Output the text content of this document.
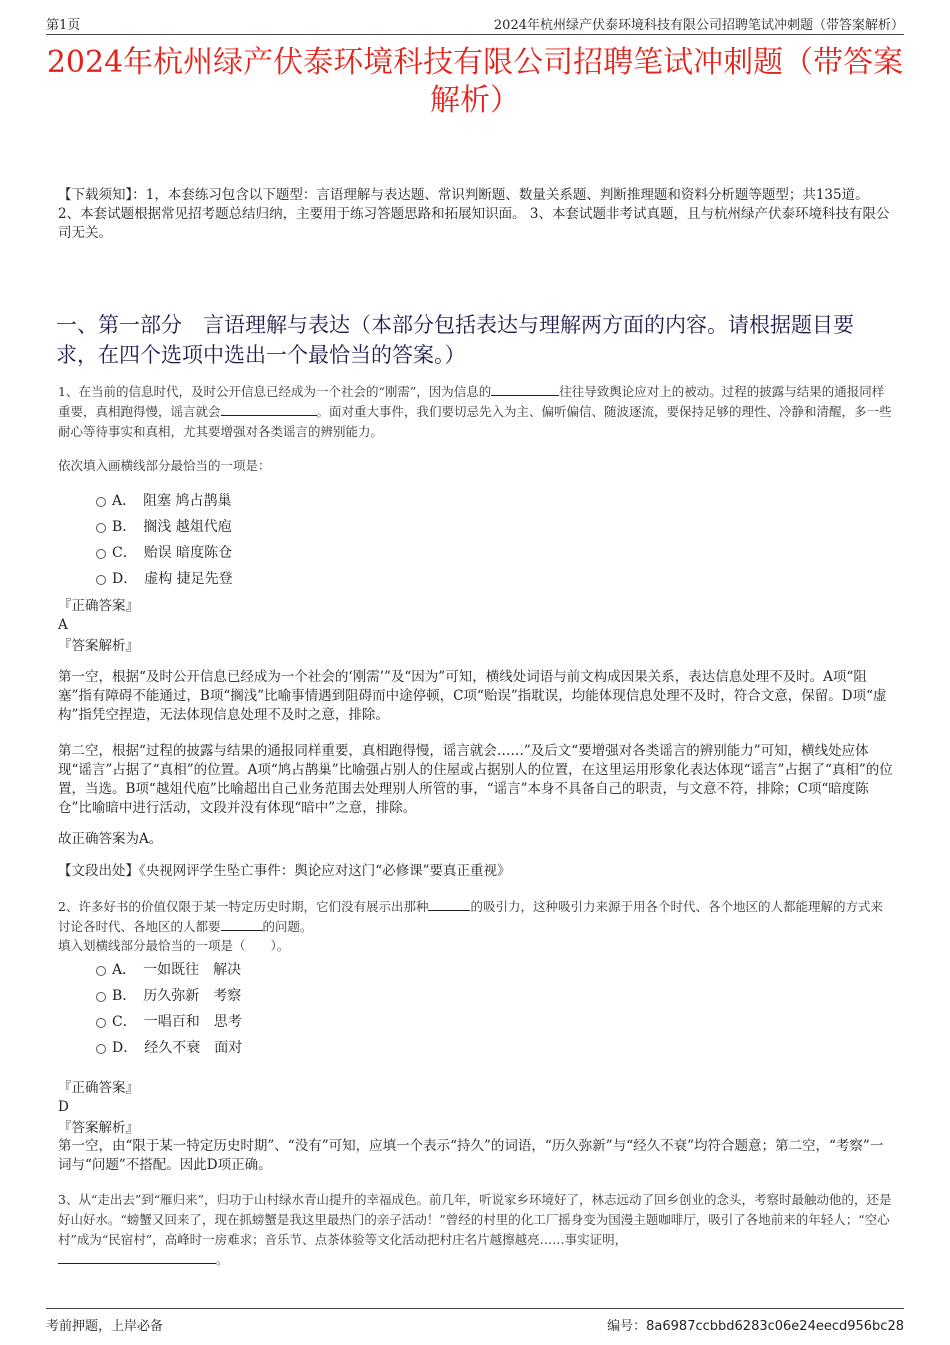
第1页	2024年杭州绿产伏泰环境科技有限公司招聘笔试冲刺题（带答案解析）
2024年杭州绿产伏泰环境科技有限公司招聘笔试冲刺题（带答案解析）
【下载须知】：1，本套练习包含以下题型：言语理解与表达题、常识判断题、数量关系题、判断推理题和资料分析题等题型；共135道。 2、本套试题根据常见招考题总结归纳，主要用于练习答题思路和拓展知识面。 3、本套试题非考试真题，且与杭州绿产伏泰环境科技有限公司无关。
一、第一部分　言语理解与表达（本部分包括表达与理解两方面的内容。请根据题目要求，在四个选项中选出一个最恰当的答案。）
1、在当前的信息时代，及时公开信息已经成为一个社会的“刚需”，因为信息的	往往导致舆论应对上的被动。过程的披露与结果的通报同样重要，真相跑得慢，谣言就会	。面对重大事件，我们要切忌先入为主、偏听偏信、随波逐流，要保持足够的理性、冷静和清醒，多一些耐心等待事实和真相，尤其要增强对各类谣言的辨别能力。
依次填入画横线部分最恰当的一项是：
A．　阻塞 鸠占鹊巢
B．　搁浅 越俎代庖
C．　贻误 暗度陈仓
D．　虚构 捷足先登
『正确答案』
A
『答案解析』
第一空，根据“及时公开信息已经成为一个社会的‘刚需’”及“因为”可知，横线处词语与前文构成因果关系，表达信息处理不及时。A项“阻塞”指有障碍不能通过，B项“搁浅”比喻事情遇到阻碍而中途停顿，C项“贻误”指耽误，均能体现信息处理不及时，符合文意，保留。D项“虚构”指凭空捏造，无法体现信息处理不及时之意，排除。
第二空，根据“过程的披露与结果的通报同样重要，真相跑得慢，谣言就会……”及后文“要增强对各类谣言的辨别能力”可知，横线处应体现“谣言”占据了“真相”的位置。A项“鸠占鹊巢”比喻强占别人的住屋或占据别人的位置，在这里运用形象化表达体现“谣言”占据了“真相”的位置，当选。B项“越俎代庖”比喻超出自己业务范围去处理别人所管的事，“谣言”本身不具备自己的职责，与文意不符，排除；C项“暗度陈仓”比喻暗中进行活动，文段并没有体现“暗中”之意，排除。
故正确答案为A。
【文段出处】《央视网评学生坠亡事件：舆论应对这门“必修课”要真正重视》
2、许多好书的价值仅限于某一特定历史时期，它们没有展示出那种	的吸引力，这种吸引力来源于用各个时代、各个地区的人都能理解的方式来讨论各时代、各地区的人都要	的问题。
填入划横线部分最恰当的一项是（　　）。
A．　一如既往　解决
B．　历久弥新　考察
C．　一唱百和　思考
D．　经久不衰　面对
『正确答案』
D
『答案解析』
第一空，由“限于某一特定历史时期”、“没有”可知，应填一个表示“持久”的词语，“历久弥新”与“经久不衰”均符合题意；第二空，“考察”一词与“问题”不搭配。因此D项正确。
3、从“走出去”到“雁归来”，归功于山村绿水青山提升的幸福成色。前几年，听说家乡环境好了，林志远动了回乡创业的念头，考察时最触动他的，还是好山好水。“螃蟹又回来了，现在抓螃蟹是我这里最热门的亲子活动！”曾经的村里的化工厂摇身变为国漫主题咖啡厅，吸引了各地前来的年轻人；“空心村”成为“民宿村”，高峰时一房难求；音乐节、点茶体验等文化活动把村庄名片越擦越亮……事实证明，
。
考前押题，上岸必备	编号：8a6987ccbbd6283c06e24eecd956bc28
